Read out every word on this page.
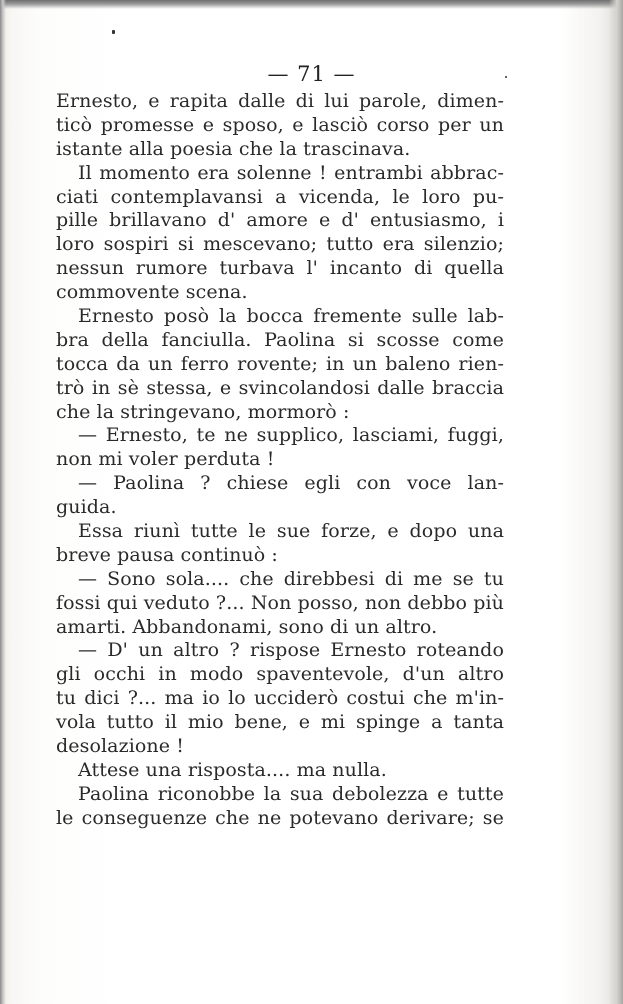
— 71 —
Ernesto, e rapita dalle di lui parole, dimen-
ticò promesse e sposo, e lasciò corso per un
istante alla poesia che la trascinava.
Il momento era solenne ! entrambi abbrac-
ciati contemplavansi a vicenda, le loro pu-
pille brillavano d' amore e d' entusiasmo, i
loro sospiri si mescevano; tutto era silenzio;
nessun rumore turbava l' incanto di quella
commovente scena.
Ernesto posò la bocca fremente sulle lab-
bra della fanciulla. Paolina si scosse come
tocca da un ferro rovente; in un baleno rien-
trò in sè stessa, e svincolandosi dalle braccia
che la stringevano, mormorò :
— Ernesto, te ne supplico, lasciami, fuggi,
non mi voler perduta !
— Paolina ? chiese egli con voce lan-
guida.
Essa riunì tutte le sue forze, e dopo una
breve pausa continuò :
— Sono sola.... che direbbesi di me se tu
fossi qui veduto ?... Non posso, non debbo più
amarti. Abbandonami, sono di un altro.
— D' un altro ? rispose Ernesto roteando
gli occhi in modo spaventevole, d'un altro
tu dici ?... ma io lo ucciderò costui che m'in-
vola tutto il mio bene, e mi spinge a tanta
desolazione !
Attese una risposta.... ma nulla.
Paolina riconobbe la sua debolezza e tutte
le conseguenze che ne potevano derivare; se
